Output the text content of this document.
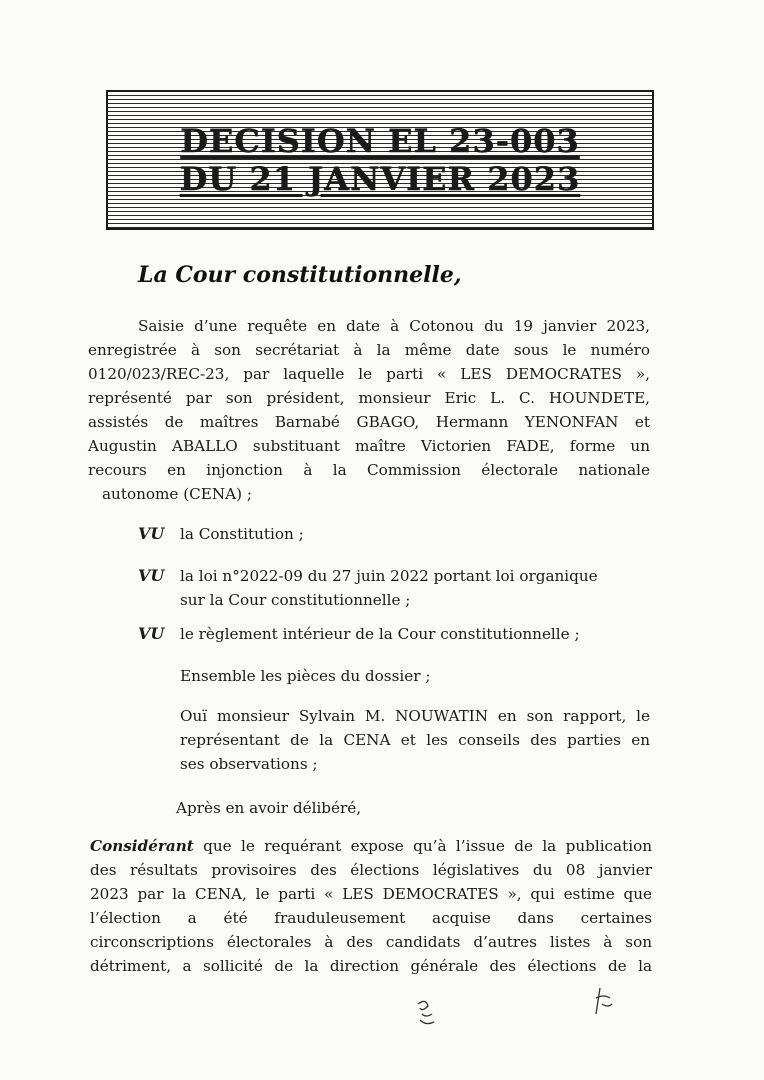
DECISION EL 23-003
DU 21 JANVIER 2023
La Cour constitutionnelle,
Saisie d’une requête en date à Cotonou du 19 janvier 2023,
enregistrée à son secrétariat à la même date sous le numéro
0120/023/REC-23, par laquelle le parti « LES DEMOCRATES »,
représenté par son président, monsieur Eric L. C. HOUNDETE,
assistés de maîtres Barnabé GBAGO, Hermann YENONFAN et
Augustin ABALLO substituant maître Victorien FADE, forme un
recours en injonction à la Commission électorale nationale
autonome (CENA) ;
VU	la Constitution ;
VU	la loi n°2022-09 du 27 juin 2022 portant loi organique
sur la Cour constitutionnelle ;
VU	le règlement intérieur de la Cour constitutionnelle ;
Ensemble les pièces du dossier ;
Ouï monsieur Sylvain M. NOUWATIN en son rapport, le
représentant de la CENA et les conseils des parties en
ses observations ;
Après en avoir délibéré,
Considérant que le requérant expose qu’à l’issue de la publication
des résultats provisoires des élections législatives du 08 janvier
2023 par la CENA, le parti « LES DEMOCRATES », qui estime que
l’élection a été frauduleusement acquise dans certaines
circonscriptions électorales à des candidats d’autres listes à son
détriment, a sollicité de la direction générale des élections de la
